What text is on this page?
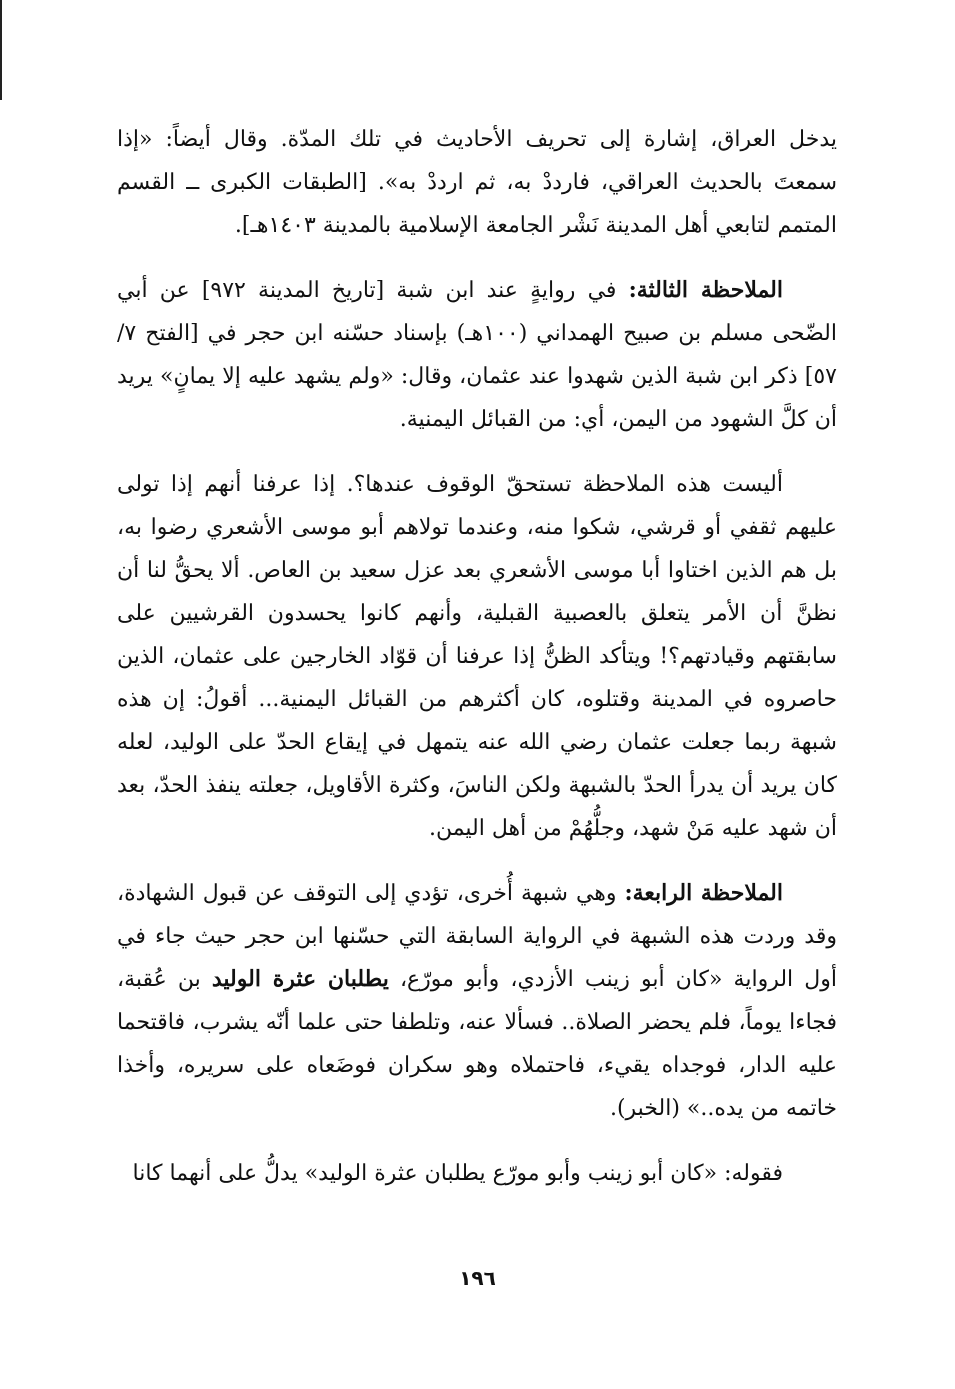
يدخل العراق، إشارة إلى تحريف الأحاديث في تلك المدّة. وقال أيضاً: «إذا سمعتَ بالحديث العراقي، فارددْ به، ثم ارددْ به». [الطبقات الكبرى ــ القسم المتمم لتابعي أهل المدينة نَشْر الجامعة الإسلامية بالمدينة ١٤٠٣هـ].

الملاحظة الثالثة: في روايةٍ عند ابن شبة [تاريخ المدينة ٩٧٢] عن أبي الضّحى مسلم بن صبيح الهمداني (١٠٠هـ) بإسناد حسّنه ابن حجر في [الفتح ٧/ ٥٧] ذكر ابن شبة الذين شهدوا عند عثمان، وقال: «ولم يشهد عليه إلا يمانٍ» يريد أن كلَّ الشهود من اليمن، أي: من القبائل اليمنية.

أليست هذه الملاحظة تستحقّ الوقوف عندها؟. إذا عرفنا أنهم إذا تولى عليهم ثقفي أو قرشي، شكوا منه، وعندما تولاهم أبو موسى الأشعري رضوا به، بل هم الذين اختاوا أبا موسى الأشعري بعد عزل سعيد بن العاص. ألا يحقُّ لنا أن نظنَّ أن الأمر يتعلق بالعصبية القبلية، وأنهم كانوا يحسدون القرشيين على سابقتهم وقيادتهم؟! ويتأكد الظنُّ إذا عرفنا أن قوّاد الخارجين على عثمان، الذين حاصروه في المدينة وقتلوه، كان أكثرهم من القبائل اليمنية... أقولُ: إن هذه شبهة ربما جعلت عثمان رضي الله عنه يتمهل في إيقاع الحدّ على الوليد، لعله كان يريد أن يدرأ الحدّ بالشبهة ولكن الناسَ، وكثرة الأقاويل، جعلته ينفذ الحدّ، بعد أن شهد عليه مَنْ شهد، وجلُّهُمْ من أهل اليمن.

الملاحظة الرابعة: وهي شبهة أُخرى، تؤدي إلى التوقف عن قبول الشهادة، وقد وردت هذه الشبهة في الرواية السابقة التي حسّنها ابن حجر حيث جاء في أول الرواية «كان أبو زينب الأزدي، وأبو مورّع، يطلبان عثرة الوليد بن عُقبة، فجاءا يوماً، فلم يحضر الصلاة.. فسألا عنه، وتلطفا حتى علما أنّه يشرب، فاقتحما عليه الدار، فوجداه يقيء، فاحتملاه وهو سكران فوضَعاه على سريره، وأخذا خاتمه من يده..» (الخبر).

فقوله: «كان أبو زينب وأبو مورّع يطلبان عثرة الوليد» يدلُّ على أنهما كانا

١٩٦
